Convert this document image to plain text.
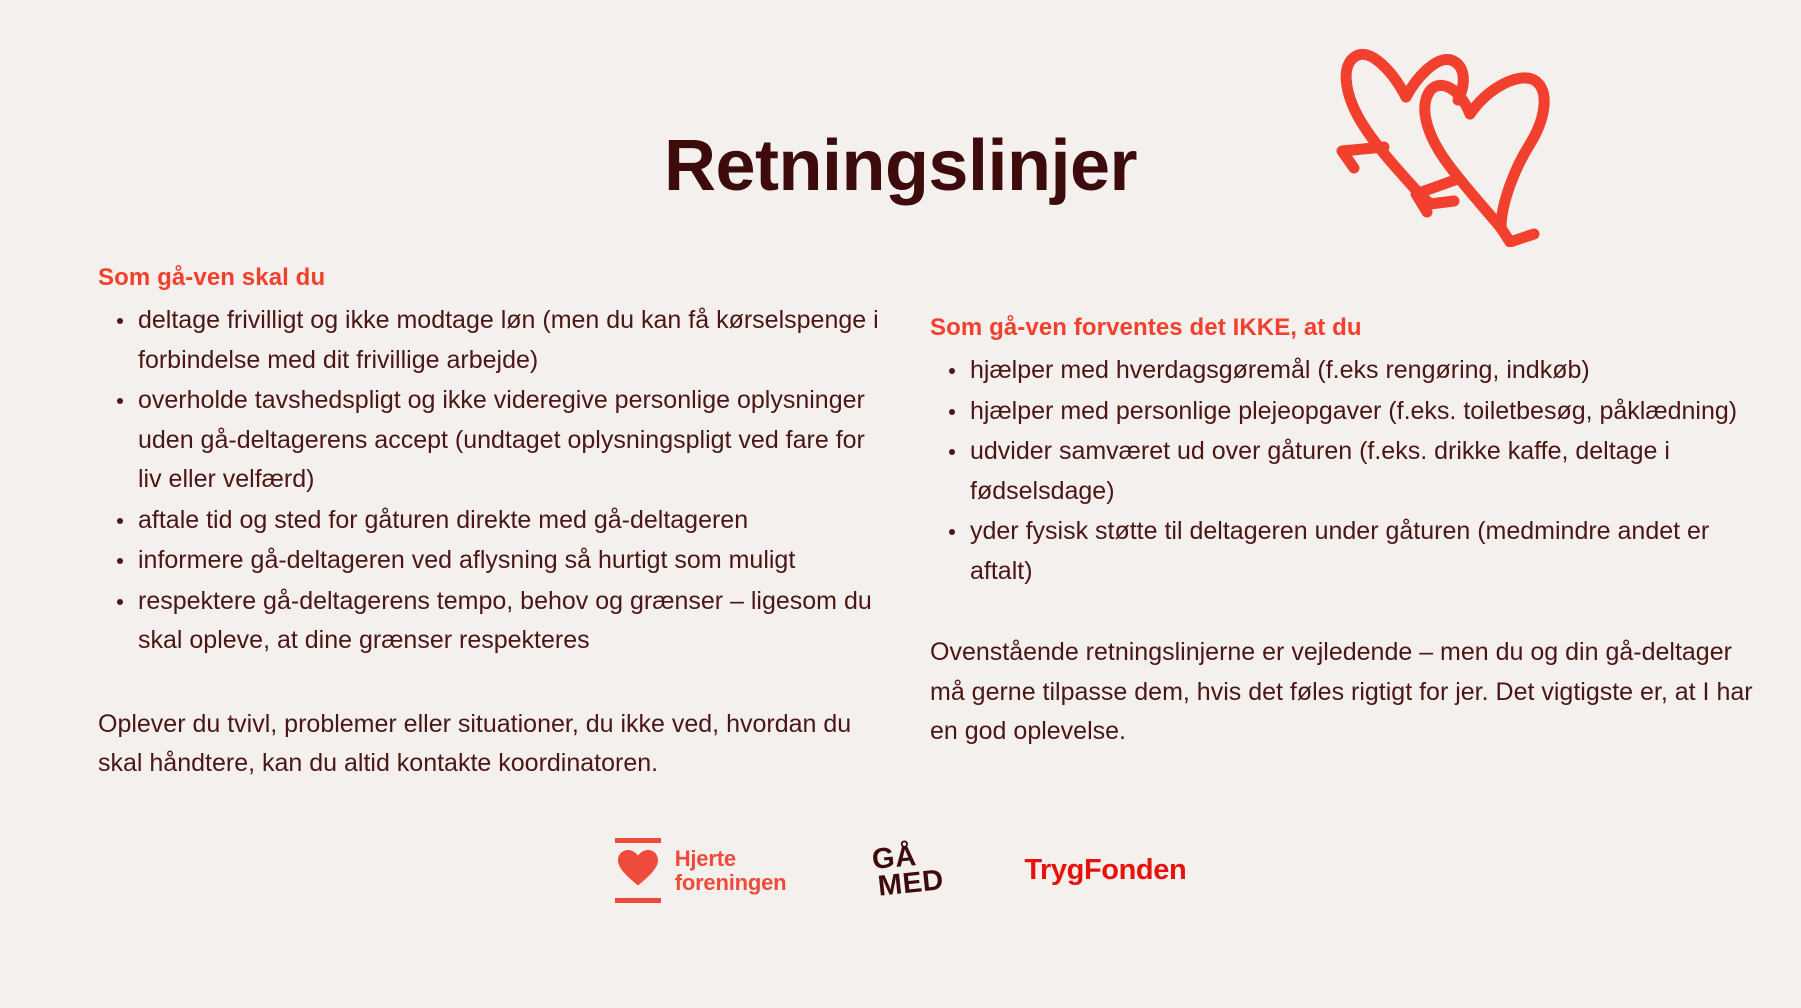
Retningslinjer
Som gå-ven skal du
deltage frivilligt og ikke modtage løn (men du kan få kørselspenge i forbindelse med dit frivillige arbejde)
overholde tavshedspligt og ikke videregive personlige oplysninger uden gå-deltagerens accept (undtaget oplysningspligt ved fare for liv eller velfærd)
aftale tid og sted for gåturen direkte med gå-deltageren
informere gå-deltageren ved aflysning så hurtigt som muligt
respektere gå-deltagerens tempo, behov og grænser – ligesom du skal opleve, at dine grænser respekteres

Oplever du tvivl, problemer eller situationer, du ikke ved, hvordan du skal håndtere, kan du altid kontakte koordinatoren.

Som gå-ven forventes det IKKE, at du
hjælper med hverdagsgøremål (f.eks rengøring, indkøb)
hjælper med personlige plejeopgaver (f.eks. toiletbesøg, påklædning)
udvider samværet ud over gåturen (f.eks. drikke kaffe, deltage i fødselsdage)
yder fysisk støtte til deltageren under gåturen (medmindre andet er aftalt)

Ovenstående retningslinjerne er vejledende – men du og din gå-deltager må gerne tilpasse dem, hvis det føles rigtigt for jer. Det vigtigste er, at I har en god oplevelse.

Hjerte
foreningen
GÅ
MED	TrygFonden
